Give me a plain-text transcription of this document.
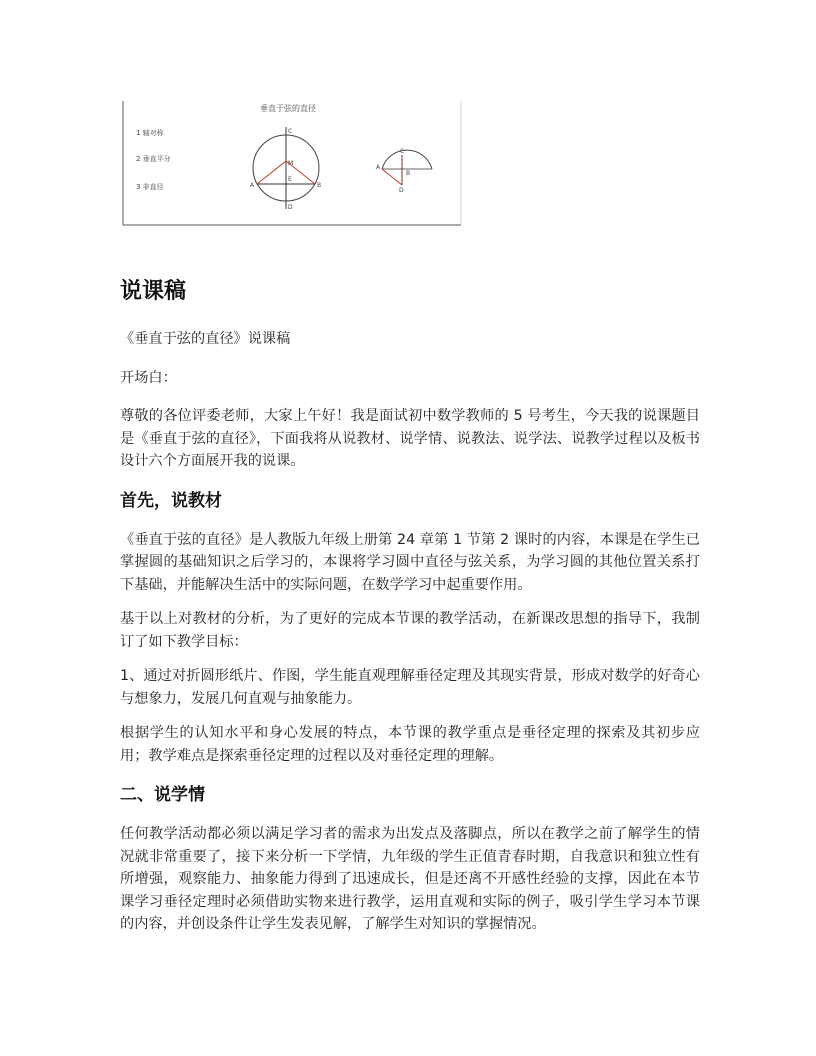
垂直于弦的直径
1 轴对称
2 垂直平分
3 非直径
C
A
E
B
D
M
C
A
B
D
说课稿

《垂直于弦的直径》说课稿

开场白：

尊敬的各位评委老师，大家上午好！我是面试初中数学教师的 5 号考生，今天我的说课题目是《垂直于弦的直径》，下面我将从说教材、说学情、说教法、说学法、说教学过程以及板书设计六个方面展开我的说课。

首先，说教材

《垂直于弦的直径》是人教版九年级上册第 24 章第 1 节第 2 课时的内容，本课是在学生已掌握圆的基础知识之后学习的，本课将学习圆中直径与弦关系，为学习圆的其他位置关系打下基础，并能解决生活中的实际问题，在数学学习中起重要作用。

基于以上对教材的分析，为了更好的完成本节课的教学活动，在新课改思想的指导下，我制订了如下教学目标：

1、通过对折圆形纸片、作图，学生能直观理解垂径定理及其现实背景，形成对数学的好奇心与想象力，发展几何直观与抽象能力。

根据学生的认知水平和身心发展的特点，本节课的教学重点是垂径定理的探索及其初步应用；教学难点是探索垂径定理的过程以及对垂径定理的理解。

二、说学情

任何教学活动都必须以满足学习者的需求为出发点及落脚点，所以在教学之前了解学生的情况就非常重要了，接下来分析一下学情，九年级的学生正值青春时期，自我意识和独立性有所增强，观察能力、抽象能力得到了迅速成长，但是还离不开感性经验的支撑，因此在本节课学习垂径定理时必须借助实物来进行教学，运用直观和实际的例子，吸引学生学习本节课的内容，并创设条件让学生发表见解，了解学生对知识的掌握情况。
